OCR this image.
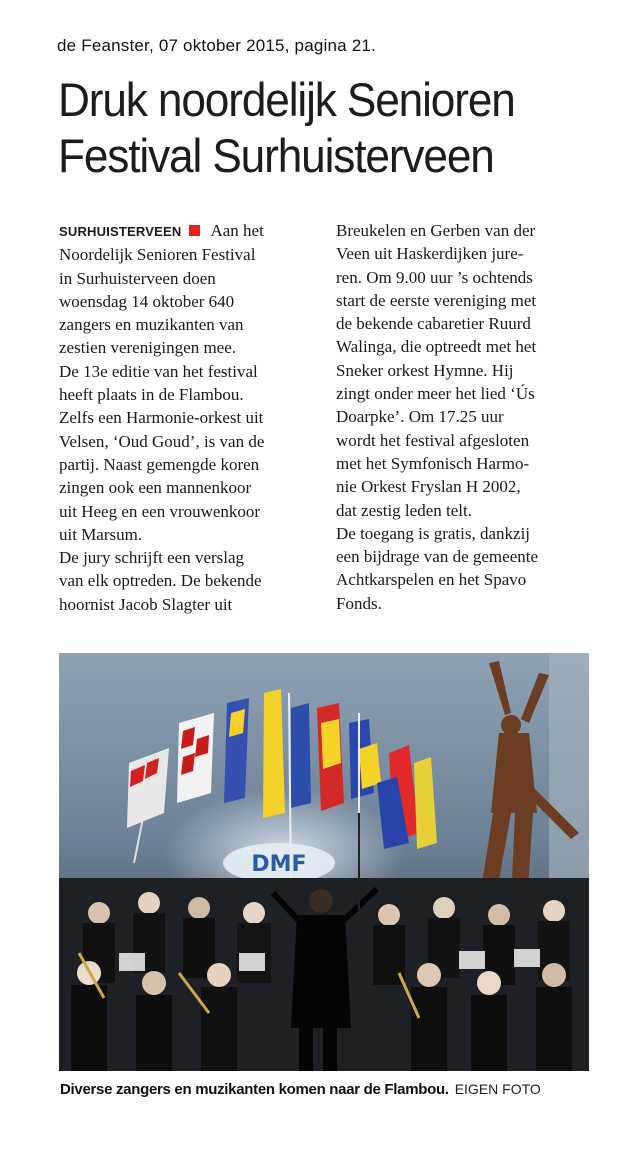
de Feanster, 07 oktober 2015, pagina 21.
Druk noordelijk Senioren
Festival Surhuisterveen
SURHUISTERVEEN Aan het
Noordelijk Senioren Festival
in Surhuisterveen doen
woensdag 14 oktober 640
zangers en muzikanten van
zestien verenigingen mee.
De 13e editie van het festival
heeft plaats in de Flambou.
Zelfs een Harmonie-orkest uit
Velsen, ‘Oud Goud’, is van de
partij. Naast gemengde koren
zingen ook een mannenkoor
uit Heeg en een vrouwenkoor
uit Marsum.
De jury schrijft een verslag
van elk optreden. De bekende
hoornist Jacob Slagter uit
Breukelen en Gerben van der
Veen uit Haskerdijken jure-
ren. Om 9.00 uur ’s ochtends
start de eerste vereniging met
de bekende cabaretier Ruurd
Walinga, die optreedt met het
Sneker orkest Hymne. Hij
zingt onder meer het lied ‘Ús
Doarpke’. Om 17.25 uur
wordt het festival afgesloten
met het Symfonisch Harmo-
nie Orkest Fryslan H 2002,
dat zestig leden telt.
De toegang is gratis, dankzij
een bijdrage van de gemeente
Achtkarspelen en het Spavo
Fonds.
DMF
Diverse zangers en muzikanten komen naar de Flambou. EIGEN FOTO
